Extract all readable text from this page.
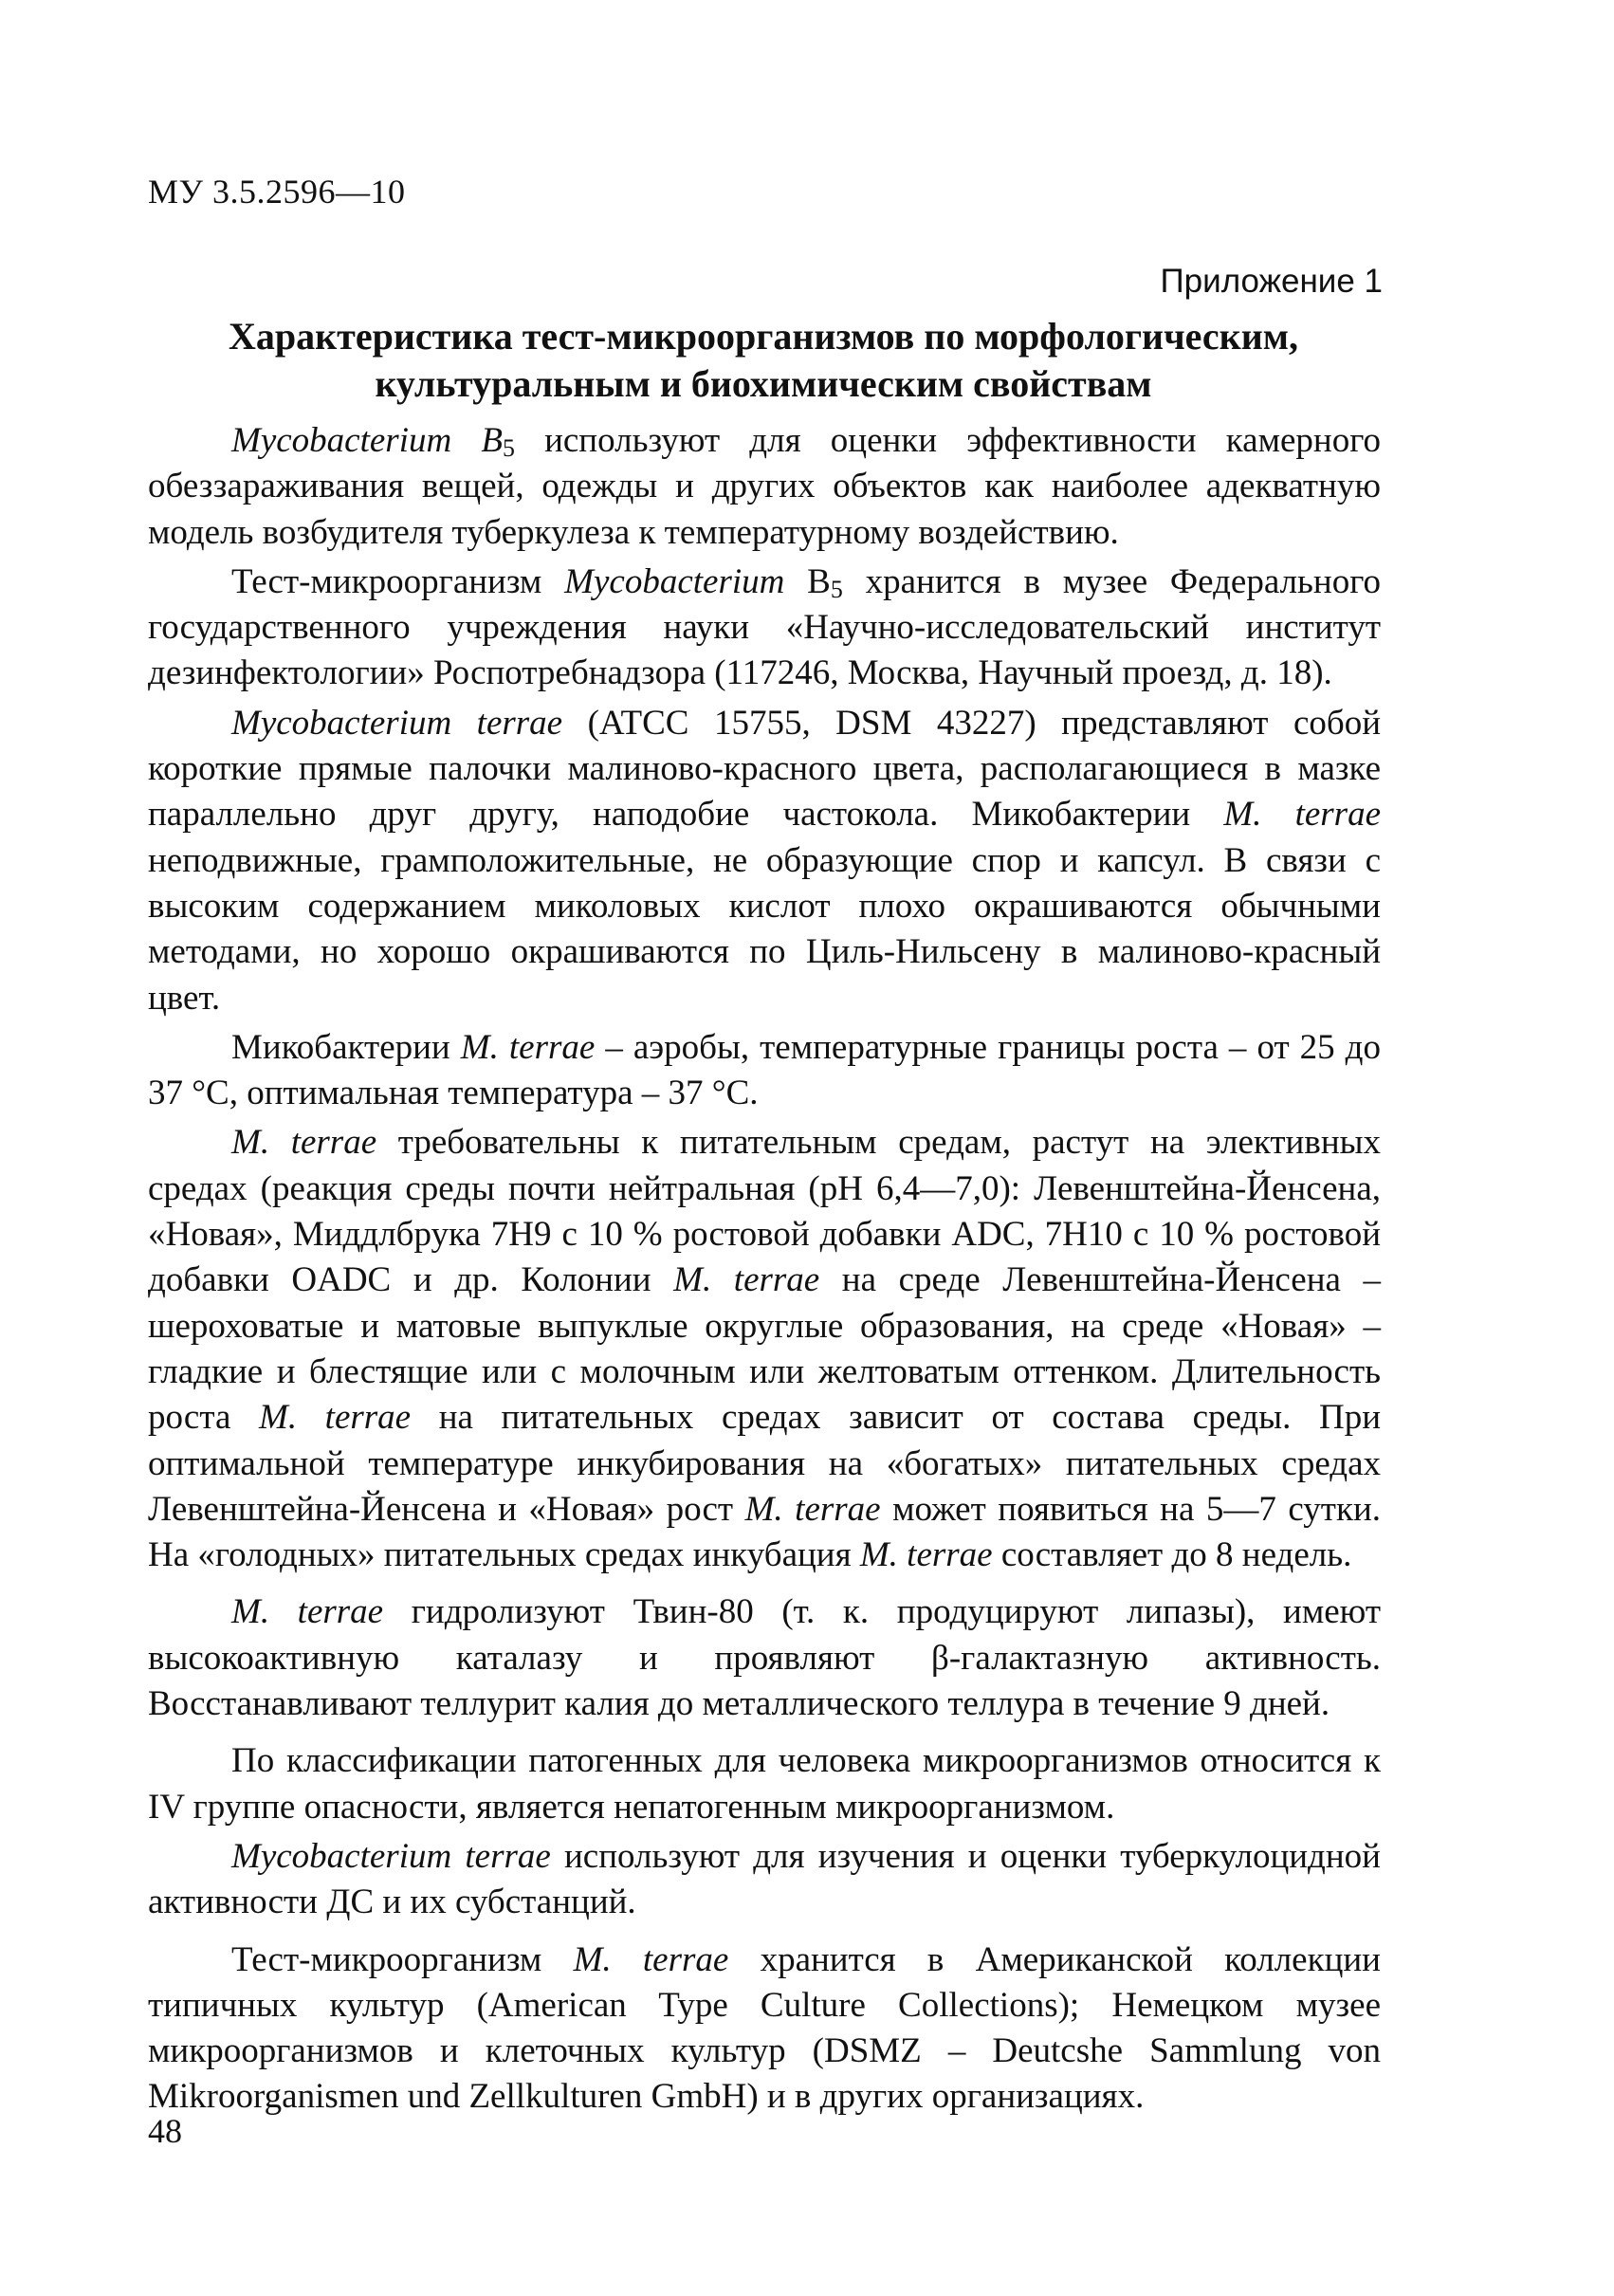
МУ 3.5.2596—10
Приложение 1
Характеристика тест-микроорганизмов по морфологическим,
культуральным и биохимическим свойствам

Mycobacterium $B_5$ используют для оценки эффективности камерного обеззараживания вещей, одежды и других объектов как наиболее адекватную модель возбудителя туберкулеза к температурному воздействию.

Тест-микроорганизм Mycobacterium $B_5$ хранится в музее Федерального государственного учреждения науки «Научно-исследовательский институт дезинфектологии» Роспотребнадзора (117246, Москва, Научный проезд, д. 18).

Mycobacterium terrae (ATCC 15755, DSM 43227) представляют собой короткие прямые палочки малиново-красного цвета, располагающиеся в мазке параллельно друг другу, наподобие частокола. Микобактерии M. terrae неподвижные, грамположительные, не образующие спор и капсул. В связи с высоким содержанием миколовых кислот плохо окрашиваются обычными методами, но хорошо окрашиваются по Циль-Нильсену в малиново-красный цвет.

Микобактерии M. terrae – аэробы, температурные границы роста – от 25 до 37 °C, оптимальная температура – 37 °C.

M. terrae требовательны к питательным средам, растут на элективных средах (реакция среды почти нейтральная (pH 6,4—7,0): Левенштейна-Йенсена, «Новая», Миддлбрука 7Н9 с 10 % ростовой добавки ADC, 7Н10 с 10 % ростовой добавки OADC и др. Колонии M. terrae на среде Левенштейна-Йенсена – шероховатые и матовые выпуклые округлые образования, на среде «Новая» – гладкие и блестящие или с молочным или желтоватым оттенком. Длительность роста M. terrae на питательных средах зависит от состава среды. При оптимальной температуре инкубирования на «богатых» питательных средах Левенштейна-Йенсена и «Новая» рост M. terrae может появиться на 5—7 сутки. На «голодных» питательных средах инкубация M. terrae составляет до 8 недель.

M. terrae гидролизуют Твин-80 (т. к. продуцируют липазы), имеют высокоактивную каталазу и проявляют β-галактазную активность. Восстанавливают теллурит калия до металлического теллура в течение 9 дней.

По классификации патогенных для человека микроорганизмов относится к IV группе опасности, является непатогенным микроорганизмом.

Mycobacterium terrae используют для изучения и оценки туберкулоцидной активности ДС и их субстанций.

Тест-микроорганизм M. terrae хранится в Американской коллекции типичных культур (American Type Culture Collections); Немецком музее микроорганизмов и клеточных культур (DSMZ – Deutcshe Sammlung von Mikroorganismen und Zellkulturen GmbH) и в других организациях.

48
